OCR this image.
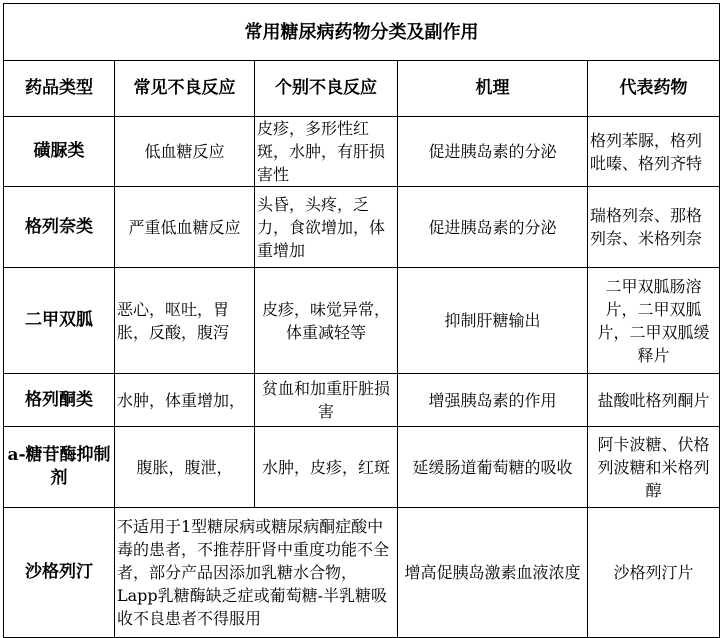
常用糖尿病药物分类及副作用				
药品类型	常见不良反应	个别不良反应	机理	代表药物
磺脲类	低血糖反应	皮疹，多形性红斑，水肿，有肝损害性	促进胰岛素的分泌	格列苯脲，格列吡嗪、格列齐特
格列奈类	严重低血糖反应	头昏，头疼，乏力，食欲增加，体重增加	促进胰岛素的分泌	瑞格列奈、那格列奈、米格列奈
二甲双胍	恶心，呕吐，胃胀，反酸，腹泻	皮疹，味觉异常，体重减轻等	抑制肝糖输出	二甲双胍肠溶片，二甲双胍片，二甲双胍缓释片
格列酮类	水肿，体重增加，	贫血和加重肝脏损害	增强胰岛素的作用	盐酸吡格列酮片
a-糖苷酶抑制剂	腹胀，腹泄，	水肿，皮疹，红斑	延缓肠道葡萄糖的吸收	阿卡波糖、伏格列波糖和米格列醇
沙格列汀	不适用于1型糖尿病或糖尿病酮症酸中毒的患者，不推荐肝肾中重度功能不全者，部分产品因添加乳糖水合物，Lapp乳糖酶缺乏症或葡萄糖-半乳糖吸收不良患者不得服用		增高促胰岛激素血液浓度	沙格列汀片
